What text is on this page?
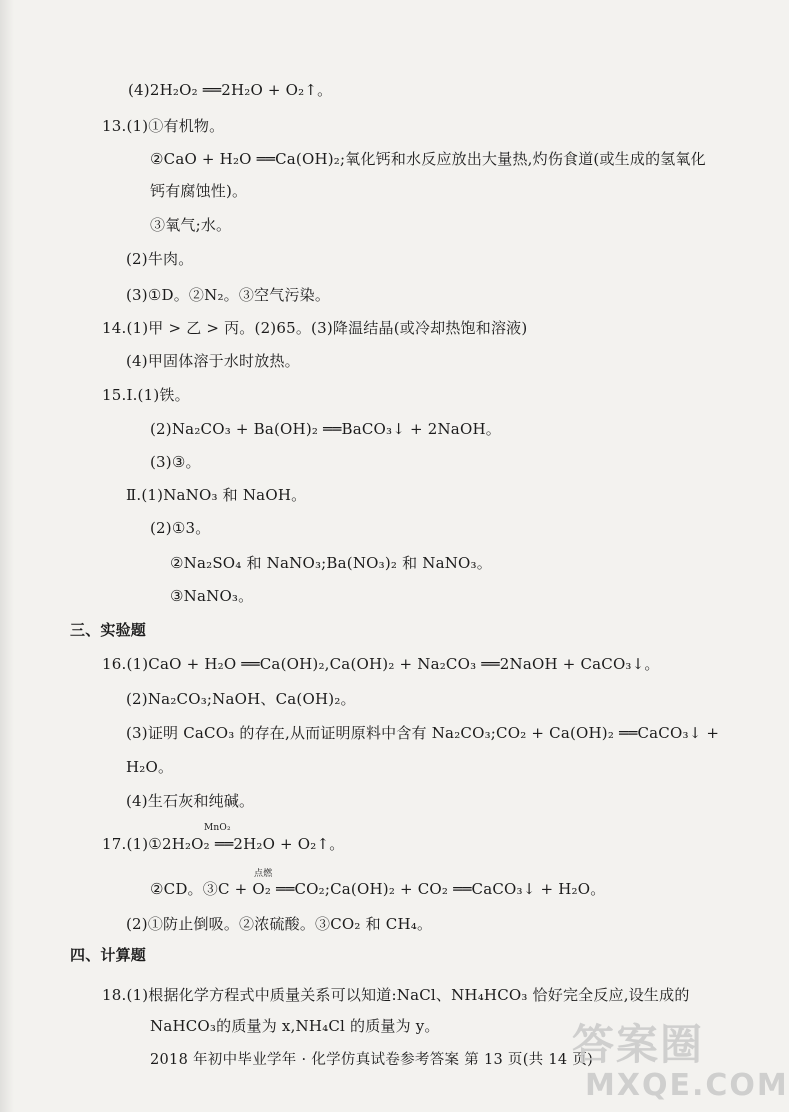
(4)2H₂O₂ ══2H₂O + O₂↑。
13.(1)①有机物。
②CaO + H₂O ══Ca(OH)₂;氧化钙和水反应放出大量热,灼伤食道(或生成的氢氧化
钙有腐蚀性)。
③氧气;水。
(2)牛肉。
(3)①D。②N₂。③空气污染。
14.(1)甲 > 乙 > 丙。(2)65。(3)降温结晶(或冷却热饱和溶液)
(4)甲固体溶于水时放热。
15.Ⅰ.(1)铁。
(2)Na₂CO₃ + Ba(OH)₂ ══BaCO₃↓ + 2NaOH。
(3)③。
Ⅱ.(1)NaNO₃ 和 NaOH。
(2)①3。
②Na₂SO₄ 和 NaNO₃;Ba(NO₃)₂ 和 NaNO₃。
③NaNO₃。
三、实验题
16.(1)CaO + H₂O ══Ca(OH)₂,Ca(OH)₂ + Na₂CO₃ ══2NaOH + CaCO₃↓。
(2)Na₂CO₃;NaOH、Ca(OH)₂。
(3)证明 CaCO₃ 的存在,从而证明原料中含有 Na₂CO₃;CO₂ + Ca(OH)₂ ══CaCO₃↓ +
H₂O。
(4)生石灰和纯碱。
MnO₂
17.(1)①2H₂O₂ ══2H₂O + O₂↑。
点燃
②CD。③C + O₂ ══CO₂;Ca(OH)₂ + CO₂ ══CaCO₃↓ + H₂O。
(2)①防止倒吸。②浓硫酸。③CO₂ 和 CH₄。
四、计算题
18.(1)根据化学方程式中质量关系可以知道:NaCl、NH₄HCO₃ 恰好完全反应,设生成的
NaHCO₃的质量为 x,NH₄Cl 的质量为 y。
2018 年初中毕业学年 · 化学仿真试卷参考答案 第 13 页(共 14 页)
答案圈
MXQE.COM
